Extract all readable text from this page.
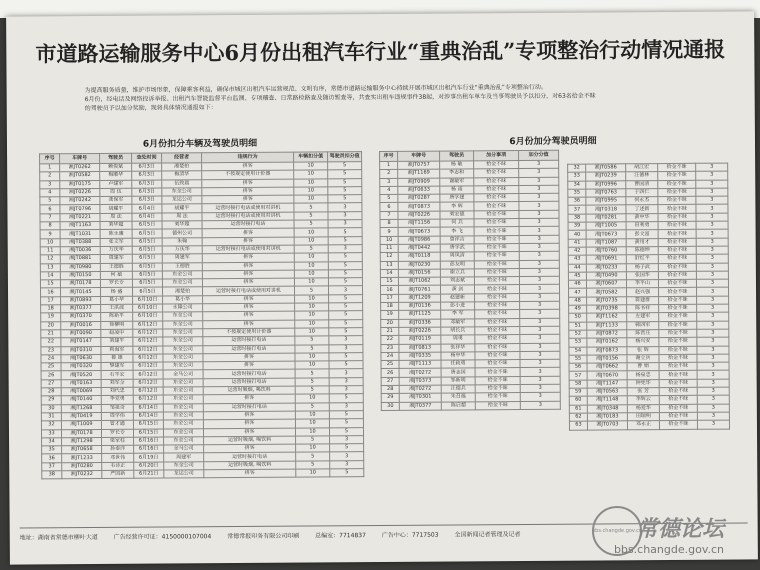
市道路运输服务中心6月份出租汽车行业“重典治乱”专项整治行动情况通报

为提高服务质量，维护市场形象，保障乘客利益，确保市城区出租汽车运营规范、文明有序，常德市道路运输服务中心持续开展市城区出租汽车行业“重典治乱”专项整治行动。

6月份，经电话及网络投诉举报、出租汽车智能监督平台监测、专项稽查、日常路检路查及随访暂查等，共查实出租车违规事件38起，对涉事出租车单车及当事驾驶员予以扣分，对63名拾金不昧

的驾驶员予以加分奖励，现将具体情况通报如下：

6月份扣分车辆及驾驶员明细	6月份加分驾驶员明细
序号	车牌号	驾驶员	查处时间	经营者	违规行为	车辆扣分值	驾驶员扣分值
1	湘JT0262	赖俊斌	6月3日	湘楚拍	拼客	10	5
2	湘JT0582	梅顺华	6月3日	梅清华	不按规定使用计价器	10	5
3	湘JT0175	卢建军	6月3日	伍致晨	拼客	10	5
4	湘JT0226	周 伍	6月3日	东金公司	拼客	10	5
5	湘JT0242	龚保军	6月3日	龙运公司	拼客	10	5
6	湘JT0796	胡耀平	6月4日	胡耀平	运营时接打电话或使用对讲机	5	3
7	湘JT0221	周 法	6月4日	周 法	运营时接打电话或使用对讲机	5	3
8	湘JT1163	刘华超	6月5日	刘华超	运营时接打电话	5	3
9	湘JT1031	陈永康	6月5日	德州公司	拼客	10	5
10	湘JT0388	张文军	6月5日	朱翰	拼客	10	5
11	湘JT0036	万庆华	6月5日	万庆华	运营时接打电话或使用对讲机	5	3
12	湘JT0881	周建军	6月5日	周建军	拼客	10	5
13	湘JT0980	王德胜	6月5日	王德胜	拼客	10	5
14	湘JT0150	何 敏	6月5日	东金公司	拼客	10	5
15	湘JT0178	罗长专	6月5日	东金公司	拼客	10	5
16	湘JT0145	杨 盛	6月5日	湘楚拍	运营时接打电话或使用对讲机	5	3
17	湘JT0893	葛小华	6月10日	葛小华	拼客	10	5
18	湘JT0377	王洪波	6月10日	永隆公司	拼客	10	5
19	湘JT0370	陈新平	6月10日	东金公司	拼客	10	5
20	湘JT0016	徐柳明	6月12日	东金公司	拼客	10	5
21	湘JT0090	赵凌中	6月12日	东金公司	不按规定使用计价器	10	5
22	湘JT0147	刘建平	6月12日	东金公司	运营时接打电话	5	3
23	湘JT0310	莉海军	6月12日	东金公司	运营时接打电话	5	3
24	湘JT0630	鲁 雄	6月12日	东金公司	拼客	10	5
25	湘JT0320	黎建军	6月12日	东金公司	拼客	10	5
26	湘JT0520	石平宏	6月12日	金马公司	运营时接打电话	5	3
27	湘JT0163	刘军全	6月12日	东金公司	运营时接打电话	5	3
28	湘JT0069	刘代忠	6月12日	东金公司	运营时吸烟, 喝饮料	5	3
29	湘JT0140	李党勇	6月12日	东金公司	拼客	10	5
30	湘JT1268	邹祖奇	6月14日	东金公司	运营时接打电话	5	3
31	湘JT0419	周学伟	6月14日	东金公司	拼客	10	5
32	湘JT1009	曾才通	6月15日	东金公司	拼客	10	5
33	湘JT0178	罗长专	6月15日	东金公司	拼客	10	5
34	湘JT1298	梁家柱	6月16日	东金公司	运营时吸烟, 喝饮料	5	3
35	湘JT0658	孙泰洋	6月16日	金马公司	拼客	10	5
36	湘JT1233	邓世伟	6月19日	周建军	运营时接打电话	5	3
37	湘JT0280	韦诗正	6月20日	东金公司	运营时吸烟, 喝饮料	5	3
38	湘JT0232	严国新	6月21日	龙运公司	拼客	10	5
序号	车牌号	驾驶员	加分事项	加分分值
1	湘JT0757	杨 敏	拾金不昧	3
2	湘JT1169	李志和	拾金不昧	3
3	湘JT0909	谢敏军	拾金不昧	3
4	湘JT0633	杨 雨	拾金不昧	3
5	湘JT0287	唐学建	拾金不昧	3
6	湘JT0873	李 辉	拾金不昧	3
7	湘JT0226	刘宏德	拾金不昧	3
8	湘JT1156	何 兵	拾金不昧	3
9	湘JT0673	李 飞	拾金不昧	3
10	湘JT0986	曾祥吉	拾金不昧	3
11	湘JT0442	唐学武	拾金不昧	3
12	湘JT0118	周凤清	拾金不昧	3
13	湘JT0230	彭友明	拾金不昧	3
14	湘JT0156	谢立兵	拾金不昧	3
15	湘JT1062	刘志斌	拾金不昧	3
16	湘JT0761	黄 剑	拾金不昧	3
17	湘JT1209	赵建新	拾金不昧	3
18	湘JT0136	彭小进	拾金不昧	3
19	湘JT1125	李 军	拾金不昧	3
20	湘JT0336	邓敏军	拾金不昧	3
21	湘JT0226	胡长兵	拾金不昧	3
22	湘JT0119	周勇	拾金不昧	3
23	湘JT0813	张祥华	拾金不昧	3
24	湘JT0335	杨中华	拾金不昧	3
25	湘JT1113	任政勇	拾金不昧	3
26	湘JT0272	唐志国	拾金不昧	3
27	湘JT0373	邹新明	拾金不昧	3
28	湘JT0272	汪德兵	拾金不昧	3
29	湘JT0301	朱召福	拾金不昧	3
30	湘JT0377	陈启超	拾金不昧	3
32	湘JT0586	胡江宏	拾金不昧	3
33	湘JT0239	汪德林	拾金不昧	3
34	湘JT0996	曹国清	拾金不昧	3
35	湘JT0763	于四仁	拾金不昧	3
36	湘JT0995	何永杰	拾金不昧	3
37	湘JT0318	丁述新	拾金不昧	3
38	湘JT0281	黄中华	拾金不昧	3
39	湘JT1005	田利勇	拾金不昧	3
40	湘JT0673	彭文富	拾金不昧	3
41	湘JT1087	黄用才	拾金不昧	3
42	湘JT0760	陈德坤	拾金不昧	3
43	湘JT0691	舒红平	拾金不昧	3
44	湘JT0233	杨子武	拾金不昧	3
45	湘JT0490	张国华	拾金不昧	3
46	湘JT0607	李平山	拾金不昧	3
47	湘JT0582	赵兴强	拾金不昧	3
48	湘JT0735	蒋建群	拾金不昧	3
49	湘JT0398	陈书祥	拾金不昧	3
50	湘JT1162	左建军	拾金不昧	3
51	湘JT1133	韩四军	拾金不昧	3
52	湘JT0872	陈晋庄	拾金不昧	3
53	湘JT0162	杨兴安	拾金不昧	3
54	湘JT0873	张 辉	拾金不昧	3
55	湘JT0156	谢立兵	拾金不昧	3
56	湘JT0662	曹 娟	拾金不昧	3
57	湘JT0670	杨泉忠	拾金不昧	3
58	湘JT1147	钟宪华	拾金不昧	3
59	湘JT0563	张 芳	拾金不昧	3
60	湘JT1148	李辉云	拾金不昧	3
61	湘JT0348	杨爱华	拾金不昧	3
62	湘JT0183	田瑞明	拾金不昧	3
63	湘JT0703	邓永正	拾金不昧	3
地址：湖南省常德市柳叶大道	广告经营许可证：4150000107004	常德常报印务有限公司印刷	总编室：7714837	广告中心：7717503	全国新闻记者管理及记者
bbs.changde.gov.cn
常德论坛
bbs.changde.gov.cn
